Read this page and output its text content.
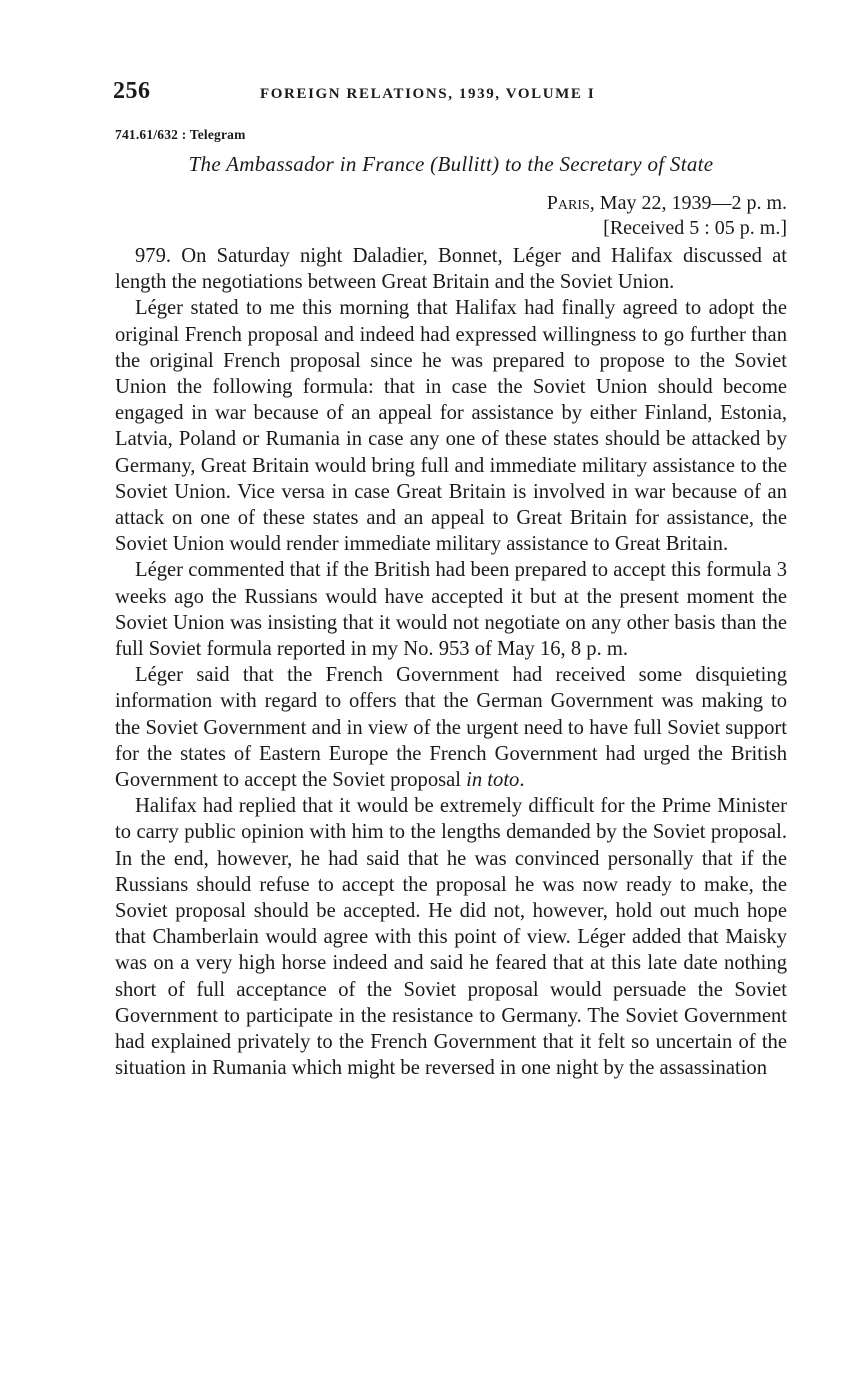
256	FOREIGN RELATIONS, 1939, VOLUME I
741.61/632 : Telegram
The Ambassador in France (Bullitt) to the Secretary of State
Paris, May 22, 1939—2 p. m.
[Received 5 : 05 p. m.]

979. On Saturday night Daladier, Bonnet, Léger and Halifax discussed at length the negotiations between Great Britain and the Soviet Union.

Léger stated to me this morning that Halifax had finally agreed to adopt the original French proposal and indeed had expressed willingness to go further than the original French proposal since he was prepared to propose to the Soviet Union the following formula: that in case the Soviet Union should become engaged in war because of an appeal for assistance by either Finland, Estonia, Latvia, Poland or Rumania in case any one of these states should be attacked by Germany, Great Britain would bring full and immediate military assistance to the Soviet Union. Vice versa in case Great Britain is involved in war because of an attack on one of these states and an appeal to Great Britain for assistance, the Soviet Union would render immediate military assistance to Great Britain.

Léger commented that if the British had been prepared to accept this formula 3 weeks ago the Russians would have accepted it but at the present moment the Soviet Union was insisting that it would not negotiate on any other basis than the full Soviet formula reported in my No. 953 of May 16, 8 p. m.

Léger said that the French Government had received some disquieting information with regard to offers that the German Government was making to the Soviet Government and in view of the urgent need to have full Soviet support for the states of Eastern Europe the French Government had urged the British Government to accept the Soviet proposal in toto.

Halifax had replied that it would be extremely difficult for the Prime Minister to carry public opinion with him to the lengths demanded by the Soviet proposal. In the end, however, he had said that he was convinced personally that if the Russians should refuse to accept the proposal he was now ready to make, the Soviet proposal should be accepted. He did not, however, hold out much hope that Chamberlain would agree with this point of view. Léger added that Maisky was on a very high horse indeed and said he feared that at this late date nothing short of full acceptance of the Soviet proposal would persuade the Soviet Government to participate in the resistance to Germany. The Soviet Government had explained privately to the French Government that it felt so uncertain of the situation in Rumania which might be reversed in one night by the assassination
